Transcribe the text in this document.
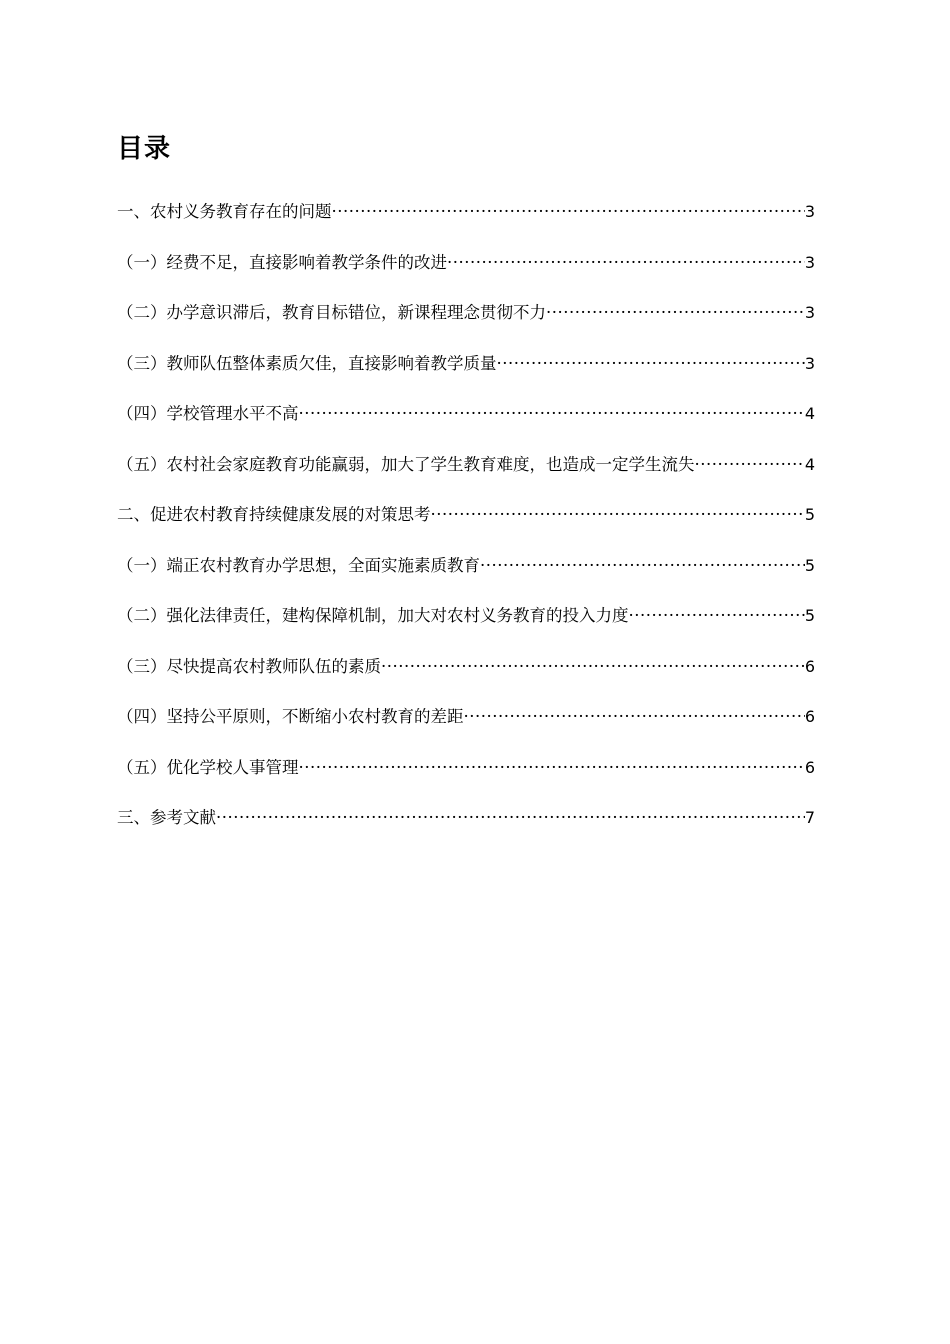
目录
一、农村义务教育存在的问题 ·····	3
（一）经费不足，直接影响着教学条件的改进 ·····	3
（二）办学意识滞后，教育目标错位，新课程理念贯彻不力 ·····	3
（三）教师队伍整体素质欠佳，直接影响着教学质量 ·····	3
（四）学校管理水平不高 ·····	4
（五）农村社会家庭教育功能赢弱，加大了学生教育难度，也造成一定学生流失 ·····	4
二、促进农村教育持续健康发展的对策思考 ·····	5
（一）端正农村教育办学思想，全面实施素质教育 ·····	5
（二）强化法律责任，建构保障机制，加大对农村义务教育的投入力度 ·····	5
（三）尽快提高农村教师队伍的素质 ·····	6
（四）坚持公平原则，不断缩小农村教育的差距 ·····	6
（五）优化学校人事管理 ·····	6
三、参考文献 ·····	7
